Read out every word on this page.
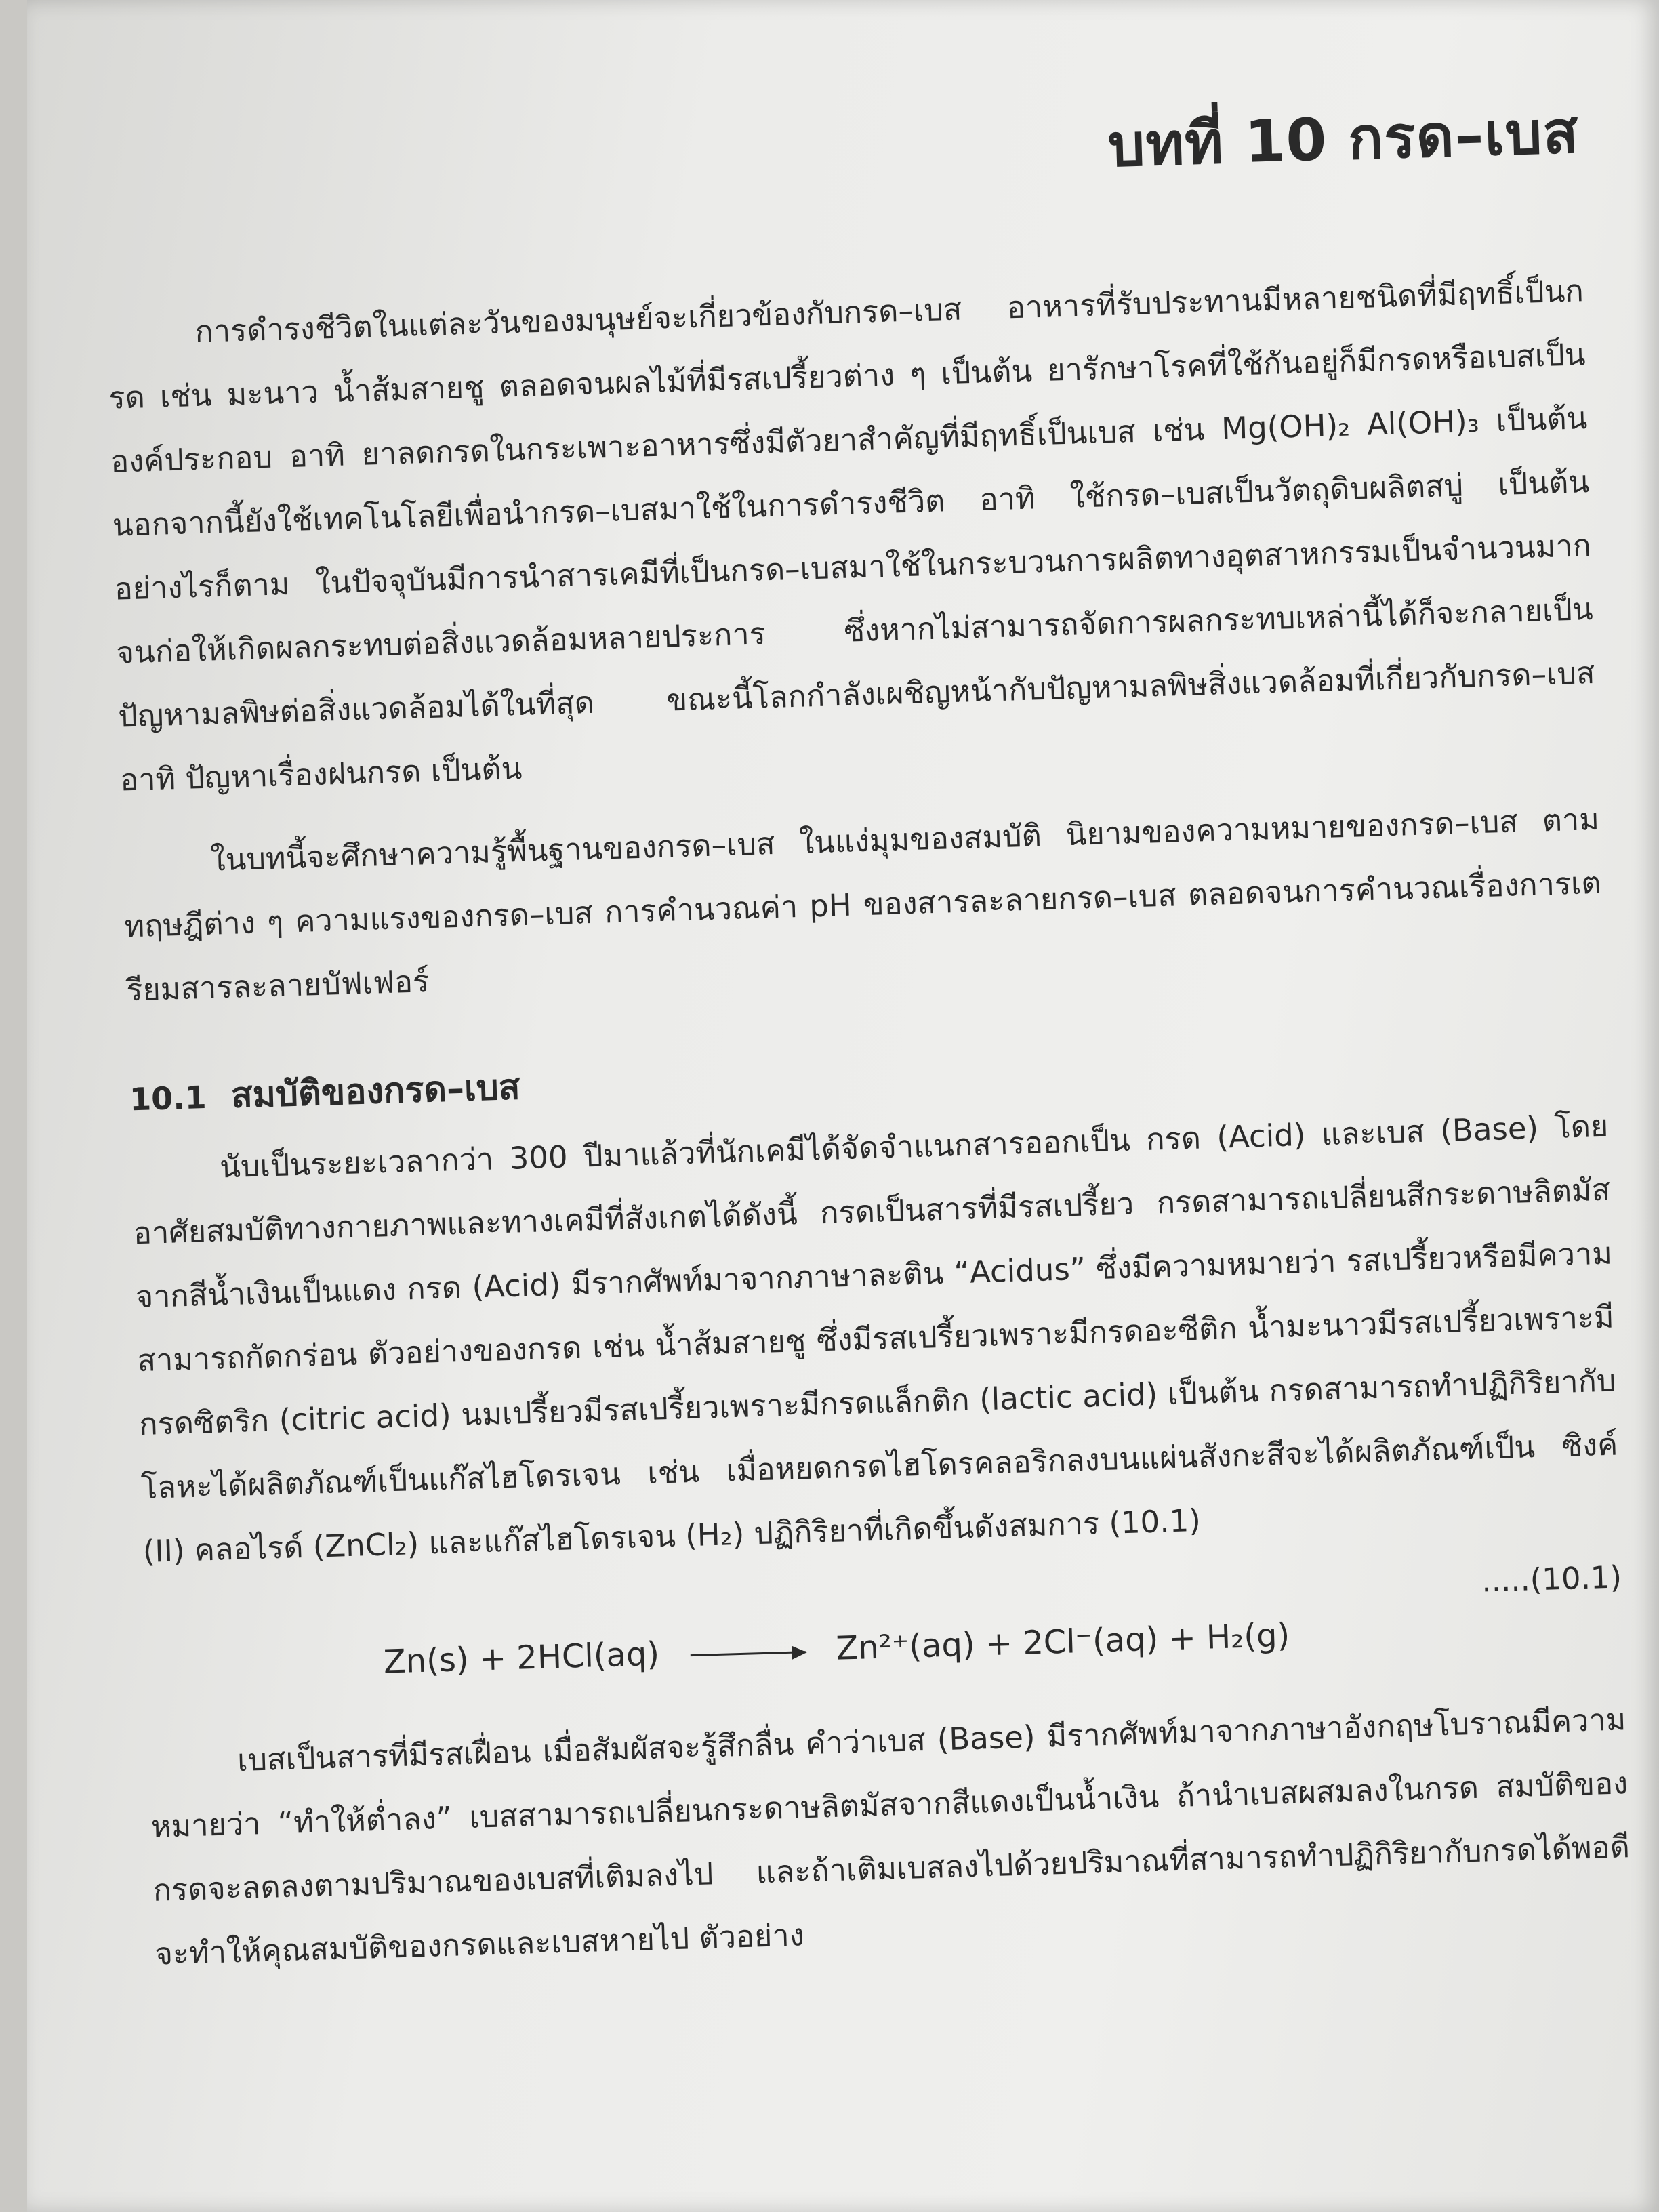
บทที่ 10 กรด–เบส

การดำรงชีวิตในแต่ละวันของมนุษย์จะเกี่ยวข้องกับกรด–เบส อาหารที่รับประทานมีหลายชนิดที่มีฤทธิ์เป็นกรด เช่น มะนาว น้ำส้มสายชู ตลอดจนผลไม้ที่มีรสเปรี้ยวต่าง ๆ เป็นต้น ยารักษาโรคที่ใช้กันอยู่ก็มีกรดหรือเบสเป็นองค์ประกอบ อาทิ ยาลดกรดในกระเพาะอาหารซึ่งมีตัวยาสำคัญที่มีฤทธิ์เป็นเบส เช่น Mg(OH)₂ Al(OH)₃ เป็นต้น นอกจากนี้ยังใช้เทคโนโลยีเพื่อนำกรด–เบสมาใช้ในการดำรงชีวิต อาทิ ใช้กรด–เบสเป็นวัตถุดิบผลิตสบู่ เป็นต้น อย่างไรก็ตาม ในปัจจุบันมีการนำสารเคมีที่เป็นกรด–เบสมาใช้ในกระบวนการผลิตทางอุตสาหกรรมเป็นจำนวนมาก จนก่อให้เกิดผลกระทบต่อสิ่งแวดล้อมหลายประการ ซึ่งหากไม่สามารถจัดการผลกระทบเหล่านี้ได้ก็จะกลายเป็นปัญหามลพิษต่อสิ่งแวดล้อมได้ในที่สุด ขณะนี้โลกกำลังเผชิญหน้ากับปัญหามลพิษสิ่งแวดล้อมที่เกี่ยวกับกรด–เบส อาทิ ปัญหาเรื่องฝนกรด เป็นต้น

ในบทนี้จะศึกษาความรู้พื้นฐานของกรด–เบส ในแง่มุมของสมบัติ นิยามของความหมายของกรด–เบส ตามทฤษฎีต่าง ๆ ความแรงของกรด–เบส การคำนวณค่า pH ของสารละลายกรด–เบส ตลอดจนการคำนวณเรื่องการเตรียมสารละลายบัฟเฟอร์

10.1 สมบัติของกรด–เบส

นับเป็นระยะเวลากว่า 300 ปีมาแล้วที่นักเคมีได้จัดจำแนกสารออกเป็น กรด (Acid) และเบส (Base) โดยอาศัยสมบัติทางกายภาพและทางเคมีที่สังเกตได้ดังนี้ กรดเป็นสารที่มีรสเปรี้ยว กรดสามารถเปลี่ยนสีกระดาษลิตมัสจากสีน้ำเงินเป็นแดง กรด (Acid) มีรากศัพท์มาจากภาษาละติน “Acidus” ซึ่งมีความหมายว่า รสเปรี้ยวหรือมีความสามารถกัดกร่อน ตัวอย่างของกรด เช่น น้ำส้มสายชู ซึ่งมีรสเปรี้ยวเพราะมีกรดอะซีติก น้ำมะนาวมีรสเปรี้ยวเพราะมีกรดซิตริก (citric acid) นมเปรี้ยวมีรสเปรี้ยวเพราะมีกรดแล็กติก (lactic acid) เป็นต้น กรดสามารถทำปฏิกิริยากับโลหะได้ผลิตภัณฑ์เป็นแก๊สไฮโดรเจน เช่น เมื่อหยดกรดไฮโดรคลอริกลงบนแผ่นสังกะสีจะได้ผลิตภัณฑ์เป็น ซิงค์ (II) คลอไรด์ (ZnCl₂) และแก๊สไฮโดรเจน (H₂) ปฏิกิริยาที่เกิดขึ้นดังสมการ (10.1)

.....(10.1)
Zn(s) + 2HCl(aq)	Zn²⁺(aq) + 2Cl⁻(aq) + H₂(g)

เบสเป็นสารที่มีรสเฝื่อน เมื่อสัมผัสจะรู้สึกลื่น คำว่าเบส (Base) มีรากศัพท์มาจากภาษาอังกฤษโบราณมีความหมายว่า “ทำให้ต่ำลง” เบสสามารถเปลี่ยนกระดาษลิตมัสจากสีแดงเป็นน้ำเงิน ถ้านำเบสผสมลงในกรด สมบัติของกรดจะลดลงตามปริมาณของเบสที่เติมลงไป และถ้าเติมเบสลงไปด้วยปริมาณที่สามารถทำปฏิกิริยากับกรดได้พอดีจะทำให้คุณสมบัติของกรดและเบสหายไป ตัวอย่าง
